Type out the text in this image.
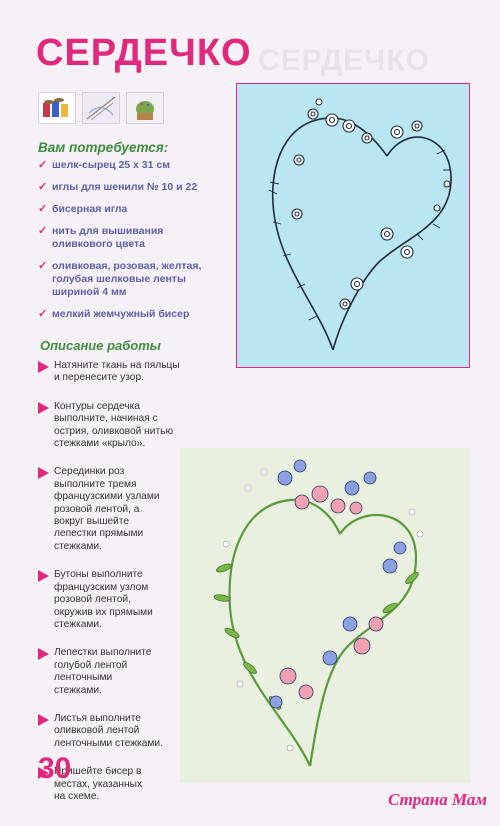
СЕРДЕЧКО СЕРДЕЧКО
Вам потребуется:
✓ шелк-сырец 25 х 31 см
✓ иглы для шенили № 10 и 22
✓ бисерная игла
✓ нить для вышивания оливкового цвета
✓ оливковая, розовая, желтая, голубая шелковые ленты шириной 4 мм
✓ мелкий жемчужный бисер
Описание работы
Натяните ткань на пяльцы и перенесите узор.
Контуры сердечка выполните, начиная с острия, оливковой нитью стежками «крыло».
Серединки роз выполните тремя французскими узлами розовой лентой, а вокруг вышейте лепестки прямыми стежками.
Бутоны выполните французским узлом розовой лентой, окружив их прямыми стежками.
Лепестки выполните голубой лентой ленточными стежками.
Листья выполните оливковой лентой ленточными стежками.
Пришейте бисер в местах, указанных на схеме.
30
Страна Мам
